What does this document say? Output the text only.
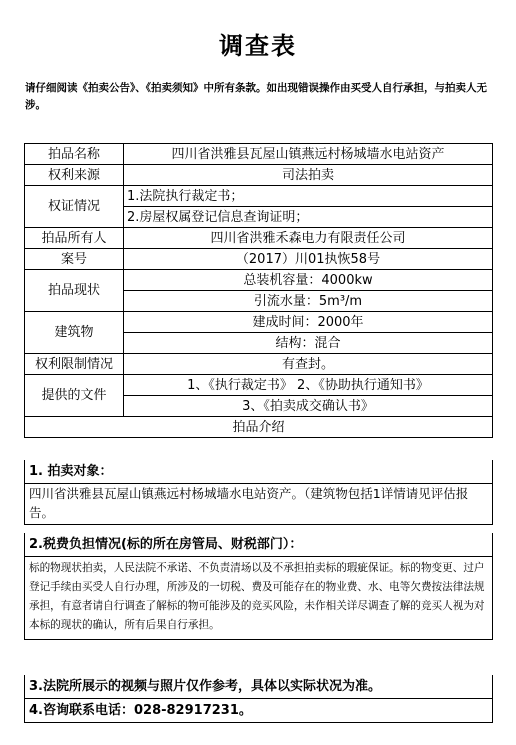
调查表
请仔细阅读《拍卖公告》、《拍卖须知》中所有条款。如出现错误操作由买受人自行承担，与拍卖人无涉。
拍品名称	四川省洪雅县瓦屋山镇燕远村杨城墙水电站资产
权利来源	司法拍卖
权证情况	1.法院执行裁定书；
	2.房屋权属登记信息查询证明；
拍品所有人	四川省洪雅禾森电力有限责任公司
案号	（2017）川01执恢58号
拍品现状	总装机容量：4000kw
	引流水量：5m³/m
建筑物	建成时间：2000年
	结构：混合
权利限制情况	有查封。
提供的文件	1、《执行裁定书》 2、《协助执行通知书》
	3、《拍卖成交确认书》
拍品介绍	
1. 拍卖对象：
四川省洪雅县瓦屋山镇燕远村杨城墙水电站资产。（建筑物包括1详情请见评估报告。
2.税费负担情况(标的所在房管局、财税部门）：
标的物现状拍卖，人民法院不承诺、不负责清场以及不承担拍卖标的瑕疵保证。标的物变更、过户登记手续由买受人自行办理，所涉及的一切税、费及可能存在的物业费、水、电等欠费按法律法规承担，有意者请自行调查了解标的物可能涉及的竞买风险，未作相关详尽调查了解的竞买人视为对本标的现状的确认，所有后果自行承担。
3.法院所展示的视频与照片仅作参考，具体以实际状况为准。
4.咨询联系电话：028-82917231。
